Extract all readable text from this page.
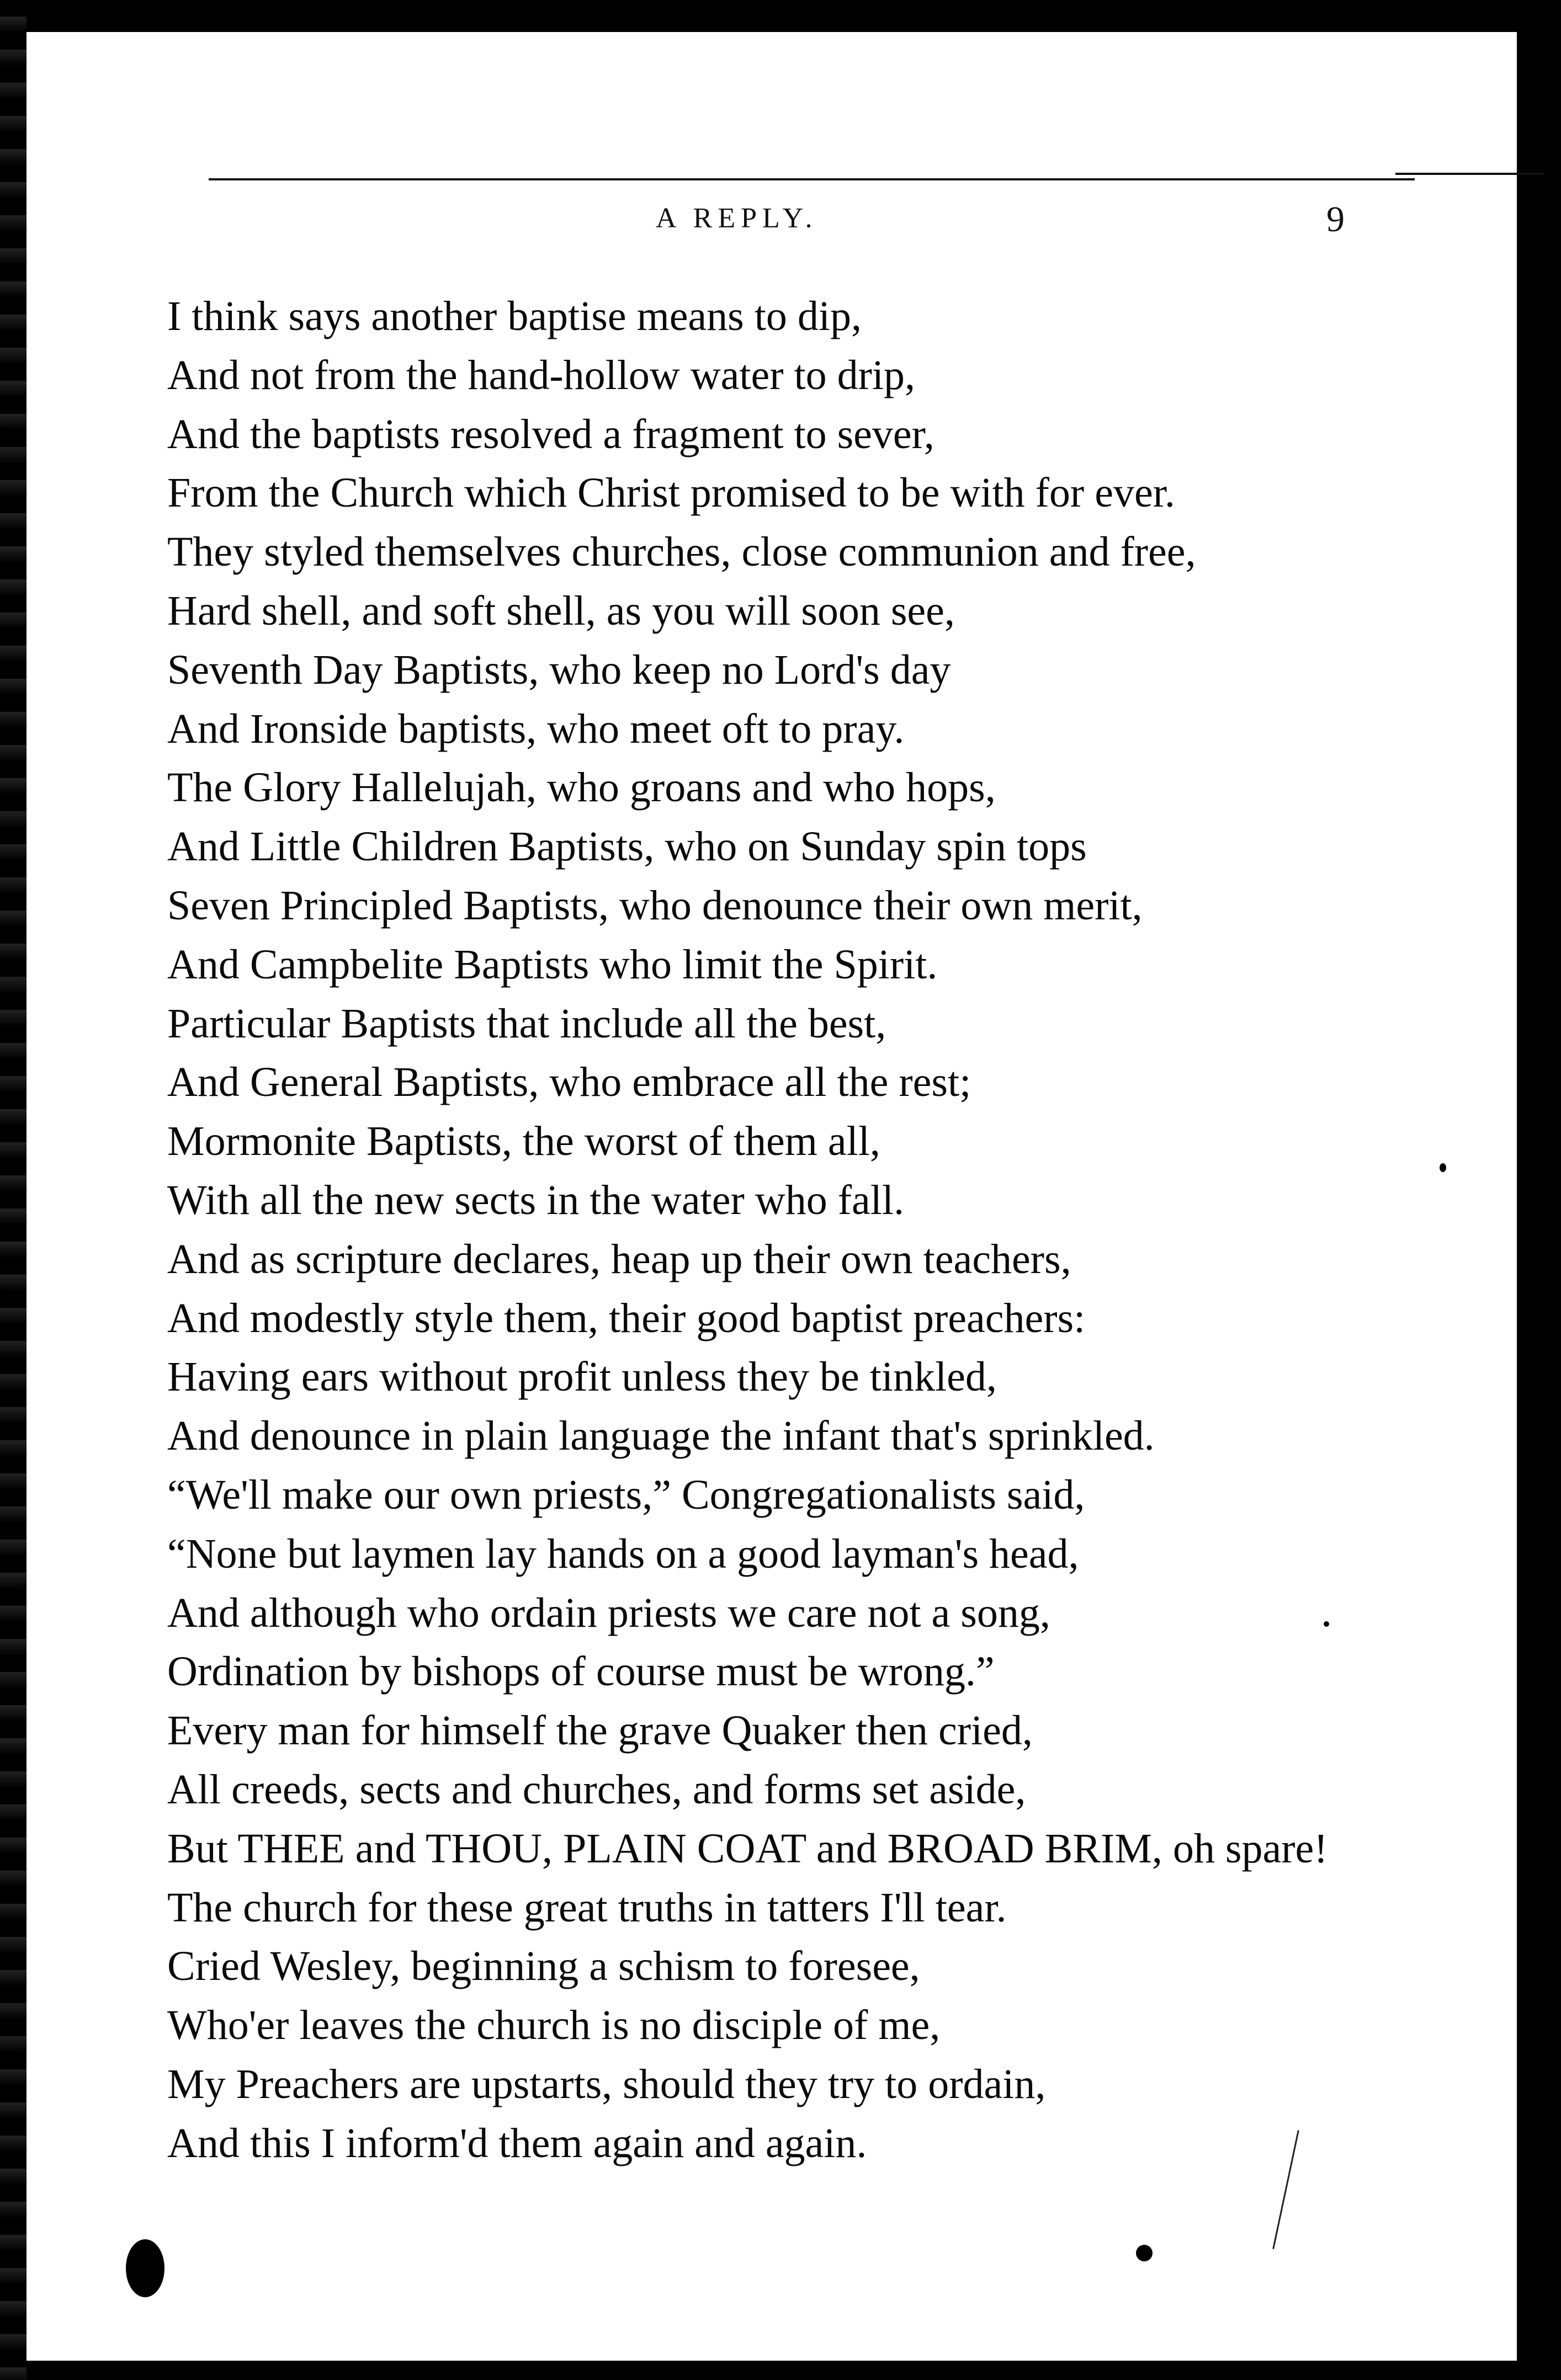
A REPLY.	9
I think says another baptise means to dip,
And not from the hand-hollow water to drip,
And the baptists resolved a fragment to sever,
From the Church which Christ promised to be with for ever.
They styled themselves churches, close communion and free,
Hard shell, and soft shell, as you will soon see,
Seventh Day Baptists, who keep no Lord's day
And Ironside baptists, who meet oft to pray.
The Glory Hallelujah, who groans and who hops,
And Little Children Baptists, who on Sunday spin tops
Seven Principled Baptists, who denounce their own merit,
And Campbelite Baptists who limit the Spirit.
Particular Baptists that include all the best,
And General Baptists, who embrace all the rest;
Mormonite Baptists, the worst of them all,
With all the new sects in the water who fall.
And as scripture declares, heap up their own teachers,
And modestly style them, their good baptist preachers:
Having ears without profit unless they be tinkled,
And denounce in plain language the infant that's sprinkled.
“We'll make our own priests,” Congregationalists said,
“None but laymen lay hands on a good layman's head,
And although who ordain priests we care not a song,
Ordination by bishops of course must be wrong.”
Every man for himself the grave Quaker then cried,
All creeds, sects and churches, and forms set aside,
But THEE and THOU, PLAIN COAT and BROAD BRIM, oh spare!
The church for these great truths in tatters I'll tear.
Cried Wesley, beginning a schism to foresee,
Who'er leaves the church is no disciple of me,
My Preachers are upstarts, should they try to ordain,
And this I inform'd them again and again.
